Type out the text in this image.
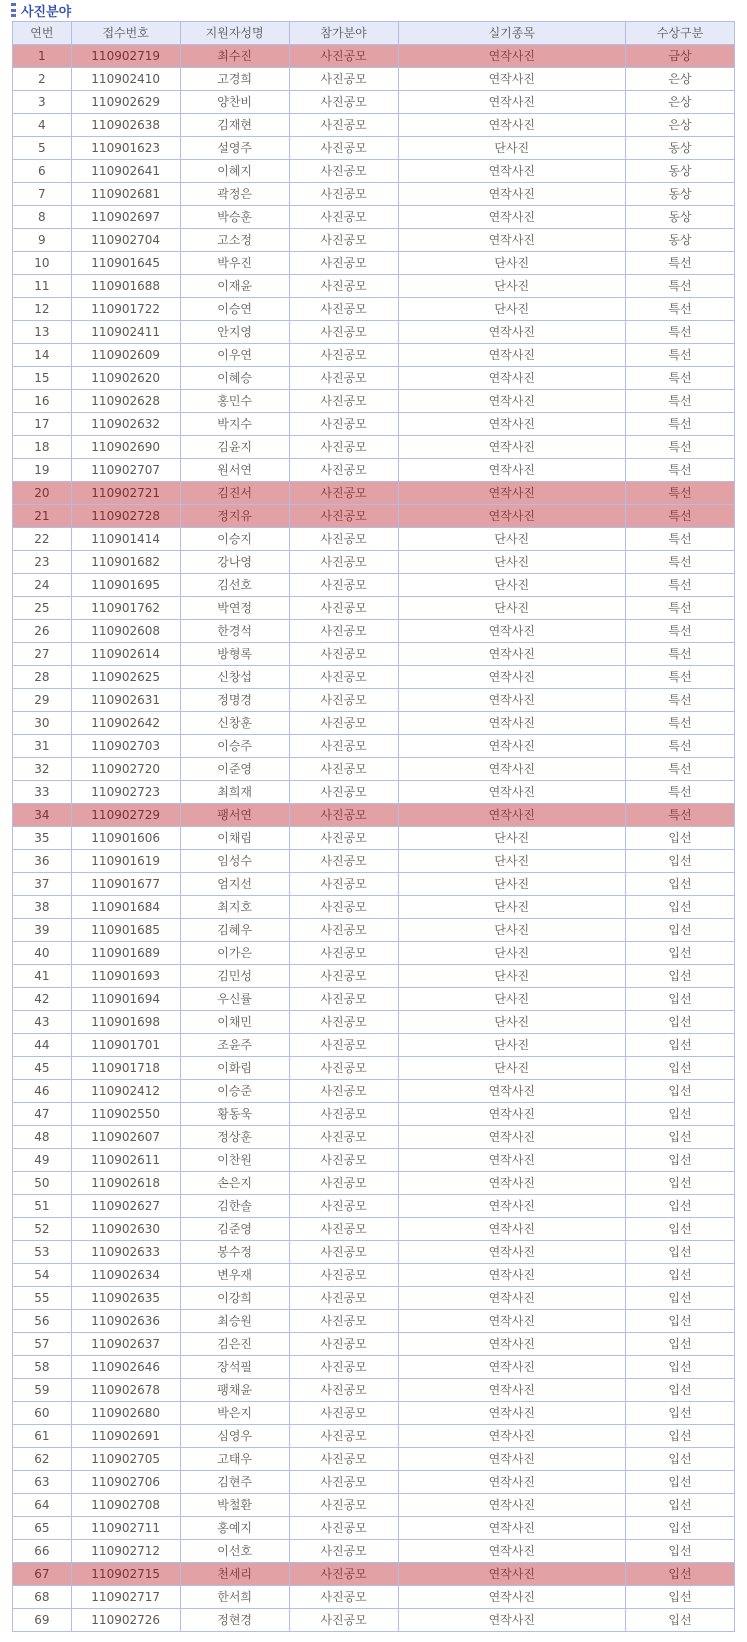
사진분야
연번	접수번호	지원자성명	참가분야	실기종목	수상구분
1	110902719	최수진	사진공모	연작사진	금상
2	110902410	고경희	사진공모	연작사진	은상
3	110902629	양찬비	사진공모	연작사진	은상
4	110902638	김재현	사진공모	연작사진	은상
5	110901623	설영주	사진공모	단사진	동상
6	110902641	이혜지	사진공모	연작사진	동상
7	110902681	곽정은	사진공모	연작사진	동상
8	110902697	박승훈	사진공모	연작사진	동상
9	110902704	고소정	사진공모	연작사진	동상
10	110901645	박우진	사진공모	단사진	특선
11	110901688	이재윤	사진공모	단사진	특선
12	110901722	이승연	사진공모	단사진	특선
13	110902411	안지영	사진공모	연작사진	특선
14	110902609	이우연	사진공모	연작사진	특선
15	110902620	이혜승	사진공모	연작사진	특선
16	110902628	홍민수	사진공모	연작사진	특선
17	110902632	박지수	사진공모	연작사진	특선
18	110902690	김윤지	사진공모	연작사진	특선
19	110902707	원서연	사진공모	연작사진	특선
20	110902721	김진서	사진공모	연작사진	특선
21	110902728	정지유	사진공모	연작사진	특선
22	110901414	이승지	사진공모	단사진	특선
23	110901682	강나영	사진공모	단사진	특선
24	110901695	김선호	사진공모	단사진	특선
25	110901762	박연정	사진공모	단사진	특선
26	110902608	한경석	사진공모	연작사진	특선
27	110902614	방형록	사진공모	연작사진	특선
28	110902625	신창섭	사진공모	연작사진	특선
29	110902631	정명경	사진공모	연작사진	특선
30	110902642	신창훈	사진공모	연작사진	특선
31	110902703	이승주	사진공모	연작사진	특선
32	110902720	이준영	사진공모	연작사진	특선
33	110902723	최희재	사진공모	연작사진	특선
34	110902729	팽서연	사진공모	연작사진	특선
35	110901606	이채림	사진공모	단사진	입선
36	110901619	임성수	사진공모	단사진	입선
37	110901677	엄지선	사진공모	단사진	입선
38	110901684	최지호	사진공모	단사진	입선
39	110901685	김혜우	사진공모	단사진	입선
40	110901689	이가은	사진공모	단사진	입선
41	110901693	김민성	사진공모	단사진	입선
42	110901694	우신률	사진공모	단사진	입선
43	110901698	이채민	사진공모	단사진	입선
44	110901701	조윤주	사진공모	단사진	입선
45	110901718	이화림	사진공모	단사진	입선
46	110902412	이승준	사진공모	연작사진	입선
47	110902550	황동욱	사진공모	연작사진	입선
48	110902607	정상훈	사진공모	연작사진	입선
49	110902611	이찬원	사진공모	연작사진	입선
50	110902618	손은지	사진공모	연작사진	입선
51	110902627	김한솔	사진공모	연작사진	입선
52	110902630	김준영	사진공모	연작사진	입선
53	110902633	봉수정	사진공모	연작사진	입선
54	110902634	변우재	사진공모	연작사진	입선
55	110902635	이강희	사진공모	연작사진	입선
56	110902636	최승원	사진공모	연작사진	입선
57	110902637	김은진	사진공모	연작사진	입선
58	110902646	장석필	사진공모	연작사진	입선
59	110902678	팽채윤	사진공모	연작사진	입선
60	110902680	박은지	사진공모	연작사진	입선
61	110902691	심영우	사진공모	연작사진	입선
62	110902705	고태우	사진공모	연작사진	입선
63	110902706	김현주	사진공모	연작사진	입선
64	110902708	박철환	사진공모	연작사진	입선
65	110902711	홍예지	사진공모	연작사진	입선
66	110902712	이선호	사진공모	연작사진	입선
67	110902715	천세리	사진공모	연작사진	입선
68	110902717	한서희	사진공모	연작사진	입선
69	110902726	정현경	사진공모	연작사진	입선
